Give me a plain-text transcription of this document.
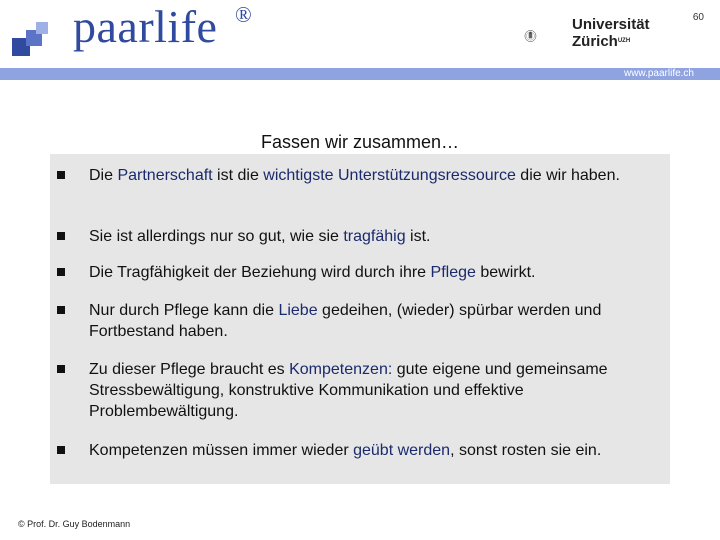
paarlife ®	60
Universität
Zürich$^{UZH}$
www.paarlife.ch
Fassen wir zusammen…
Die Partnerschaft ist die wichtigste Unterstützungsressource die wir haben.
Sie ist allerdings nur so gut, wie sie tragfähig ist.
Die Tragfähigkeit der Beziehung wird durch ihre Pflege bewirkt.
Nur durch Pflege kann die Liebe gedeihen, (wieder) spürbar werden und Fortbestand haben.
Zu dieser Pflege braucht es Kompetenzen: gute eigene und gemeinsame Stressbewältigung, konstruktive Kommunikation und effektive Problembewältigung.
Kompetenzen müssen immer wieder geübt werden, sonst rosten sie ein.
© Prof. Dr. Guy Bodenmann
